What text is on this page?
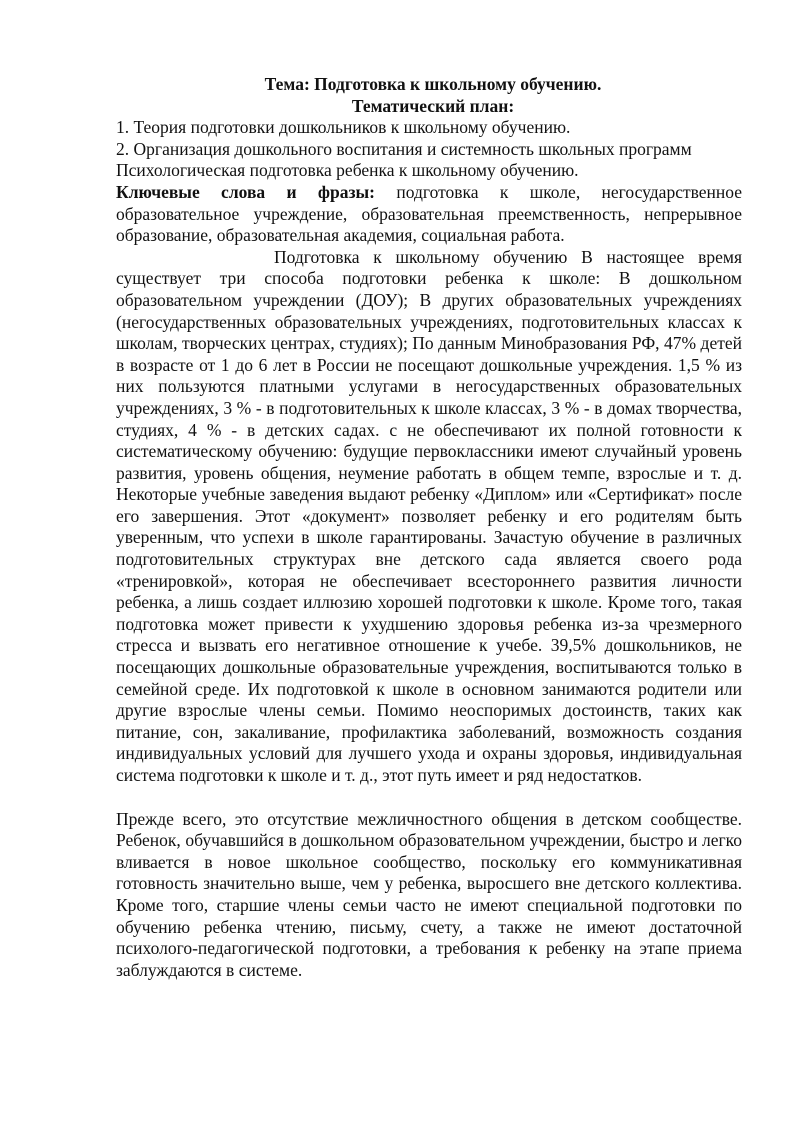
Тема: Подготовка к школьному обучению.

Тематический план:

1. Теория подготовки дошкольников к школьному обучению.

2. Организация дошкольного воспитания и системность школьных программ

Психологическая подготовка ребенка к школьному обучению.

Ключевые слова и фразы: подготовка к школе, негосударственное образовательное учреждение, образовательная преемственность, непрерывное образование, образовательная академия, социальная работа.

Подготовка к школьному обучению В настоящее время существует три способа подготовки ребенка к школе: В дошкольном образовательном учреждении (ДОУ); В других образовательных учреждениях (негосударственных образовательных учреждениях, подготовительных классах к школам, творческих центрах, студиях); По данным Минобразования РФ, 47% детей в возрасте от 1 до 6 лет в России не посещают дошкольные учреждения. 1,5 % из них пользуются платными услугами в негосударственных образовательных учреждениях, 3 % - в подготовительных к школе классах, 3 % - в домах творчества, студиях, 4 % - в детских садах. с не обеспечивают их полной готовности к систематическому обучению: будущие первоклассники имеют случайный уровень развития, уровень общения, неумение работать в общем темпе, взрослые и т. д. Некоторые учебные заведения выдают ребенку «Диплом» или «Сертификат» после его завершения. Этот «документ» позволяет ребенку и его родителям быть уверенным, что успехи в школе гарантированы. Зачастую обучение в различных подготовительных структурах вне детского сада является своего рода «тренировкой», которая не обеспечивает всестороннего развития личности ребенка, а лишь создает иллюзию хорошей подготовки к школе. Кроме того, такая подготовка может привести к ухудшению здоровья ребенка из-за чрезмерного стресса и вызвать его негативное отношение к учебе. 39,5% дошкольников, не посещающих дошкольные образовательные учреждения, воспитываются только в семейной среде. Их подготовкой к школе в основном занимаются родители или другие взрослые члены семьи. Помимо неоспоримых достоинств, таких как питание, сон, закаливание, профилактика заболеваний, возможность создания индивидуальных условий для лучшего ухода и охраны здоровья, индивидуальная система подготовки к школе и т. д., этот путь имеет и ряд недостатков.

Прежде всего, это отсутствие межличностного общения в детском сообществе. Ребенок, обучавшийся в дошкольном образовательном учреждении, быстро и легко вливается в новое школьное сообщество, поскольку его коммуникативная готовность значительно выше, чем у ребенка, выросшего вне детского коллектива. Кроме того, старшие члены семьи часто не имеют специальной подготовки по обучению ребенка чтению, письму, счету, а также не имеют достаточной психолого-педагогической подготовки, а требования к ребенку на этапе приема заблуждаются в системе.
